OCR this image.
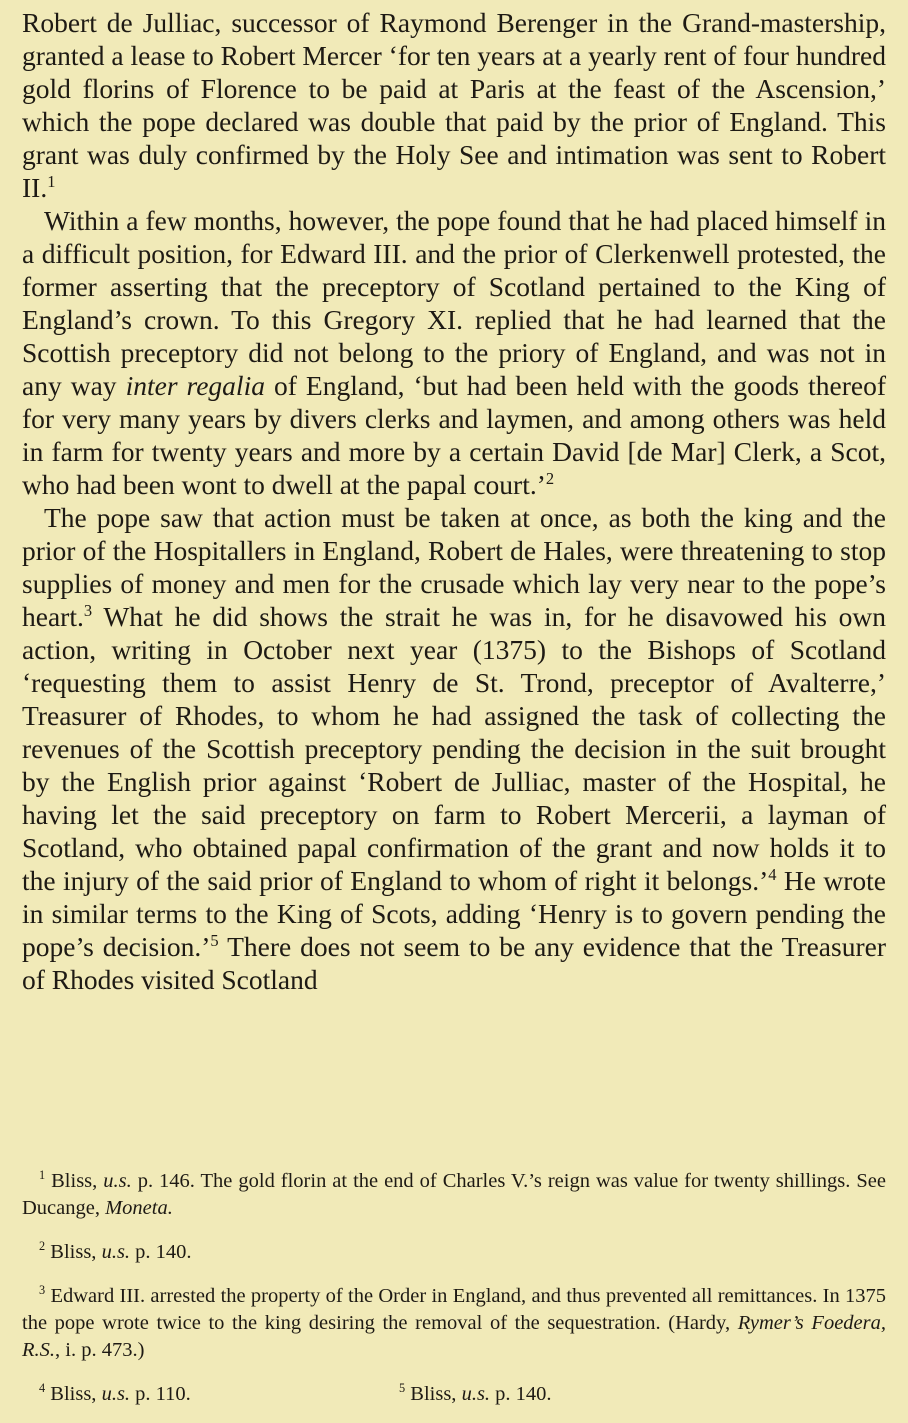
Robert de Julliac, successor of Raymond Berenger in the Grand-mastership, granted a lease to Robert Mercer ‘for ten years at a yearly rent of four hundred gold florins of Florence to be paid at Paris at the feast of the Ascension,’ which the pope declared was double that paid by the prior of England. This grant was duly confirmed by the Holy See and intimation was sent to Robert II.$^1$

Within a few months, however, the pope found that he had placed himself in a difficult position, for Edward III. and the prior of Clerkenwell protested, the former asserting that the preceptory of Scotland pertained to the King of England’s crown. To this Gregory XI. replied that he had learned that the Scottish preceptory did not belong to the priory of England, and was not in any way inter regalia of England, ‘but had been held with the goods thereof for very many years by divers clerks and laymen, and among others was held in farm for twenty years and more by a certain David [de Mar] Clerk, a Scot, who had been wont to dwell at the papal court.’$^2$

The pope saw that action must be taken at once, as both the king and the prior of the Hospitallers in England, Robert de Hales, were threatening to stop supplies of money and men for the crusade which lay very near to the pope’s heart.$^3$ What he did shows the strait he was in, for he disavowed his own action, writing in October next year (1375) to the Bishops of Scotland ‘requesting them to assist Henry de St. Trond, preceptor of Avalterre,’ Treasurer of Rhodes, to whom he had assigned the task of collecting the revenues of the Scottish preceptory pending the decision in the suit brought by the English prior against ‘Robert de Julliac, master of the Hospital, he having let the said preceptory on farm to Robert Mercerii, a layman of Scotland, who obtained papal confirmation of the grant and now holds it to the injury of the said prior of England to whom of right it belongs.’$^4$ He wrote in similar terms to the King of Scots, adding ‘Henry is to govern pending the pope’s decision.’$^5$ There does not seem to be any evidence that the Treasurer of Rhodes visited Scotland

$^1$ Bliss, u.s. p. 146. The gold florin at the end of Charles V.’s reign was value for twenty shillings. See Ducange, Moneta.

$^2$ Bliss, u.s. p. 140.

$^3$ Edward III. arrested the property of the Order in England, and thus prevented all remittances. In 1375 the pope wrote twice to the king desiring the removal of the sequestration. (Hardy, Rymer’s Foedera, R.S., i. p. 473.)

$^4$ Bliss, u.s. p. 110.	$^5$ Bliss, u.s. p. 140.
